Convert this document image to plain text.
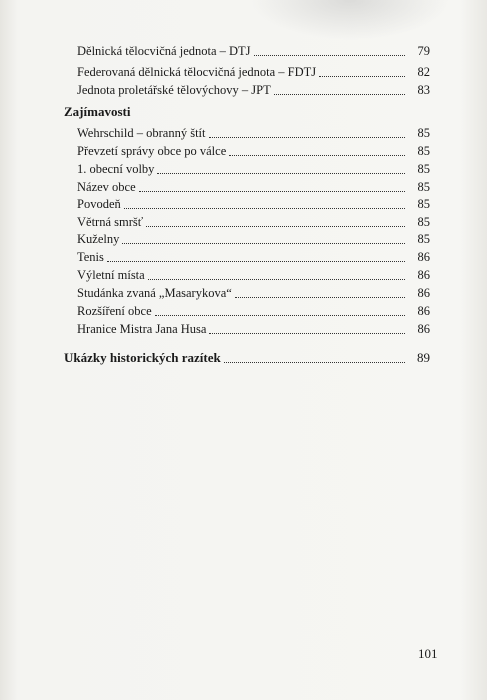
Dělnická tělocvičná jednota – DTJ	79
Federovaná dělnická tělocvičná jednota – FDTJ	82
Jednota proletářské tělovýchovy – JPT	83
Zajímavosti
Wehrschild – obranný štít	85
Převzetí správy obce po válce	85
1. obecní volby	85
Název obce	85
Povodeň	85
Větrná smršť	85
Kuželny	85
Tenis	86
Výletní místa	86
Studánka zvaná „Masarykova“	86
Rozšíření obce	86
Hranice Mistra Jana Husa	86
Ukázky historických razítek	89
101
